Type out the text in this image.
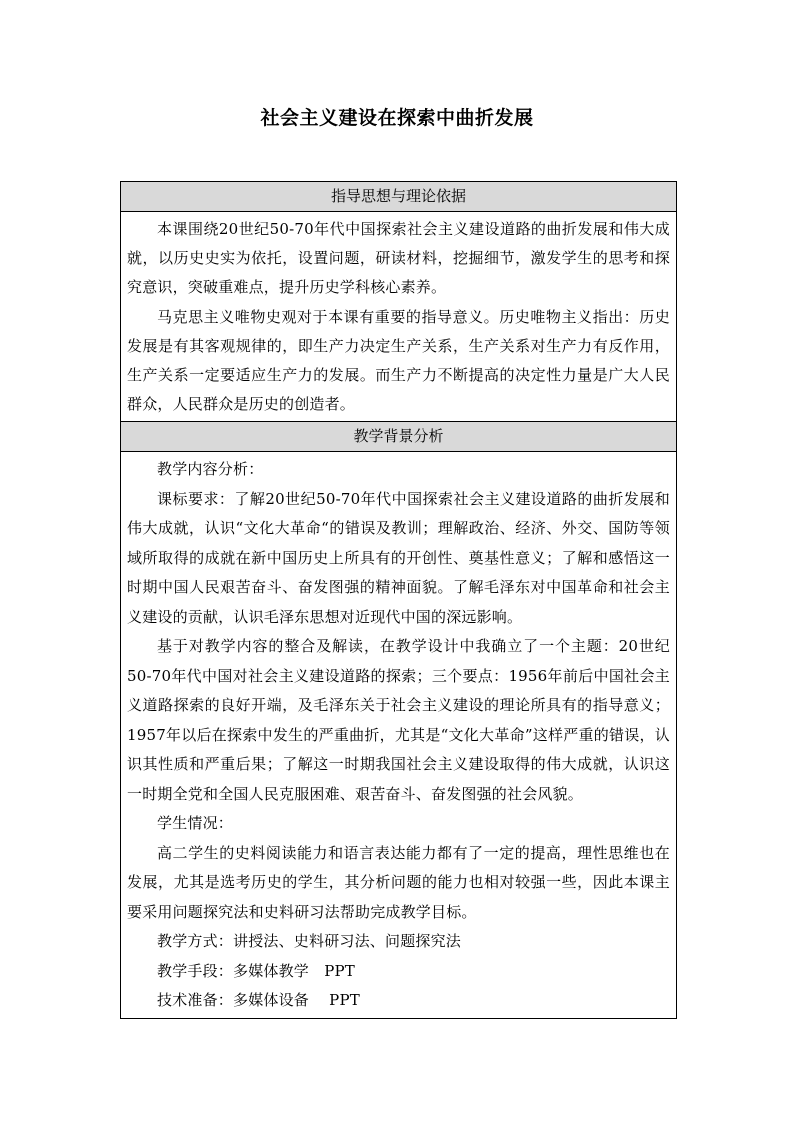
社会主义建设在探索中曲折发展
指导思想与理论依据

本课围绕20世纪50-70年代中国探索社会主义建设道路的曲折发展和伟大成就，以历史史实为依托，设置问题，研读材料，挖掘细节，激发学生的思考和探究意识，突破重难点，提升历史学科核心素养。

马克思主义唯物史观对于本课有重要的指导意义。历史唯物主义指出：历史发展是有其客观规律的，即生产力决定生产关系，生产关系对生产力有反作用，生产关系一定要适应生产力的发展。而生产力不断提高的决定性力量是广大人民群众，人民群众是历史的创造者。

教学背景分析

教学内容分析：

课标要求：了解20世纪50-70年代中国探索社会主义建设道路的曲折发展和伟大成就，认识“文化大革命“的错误及教训；理解政治、经济、外交、国防等领域所取得的成就在新中国历史上所具有的开创性、奠基性意义；了解和感悟这一时期中国人民艰苦奋斗、奋发图强的精神面貌。了解毛泽东对中国革命和社会主义建设的贡献，认识毛泽东思想对近现代中国的深远影响。

基于对教学内容的整合及解读，在教学设计中我确立了一个主题：20世纪50-70年代中国对社会主义建设道路的探索；三个要点：1956年前后中国社会主义道路探索的良好开端，及毛泽东关于社会主义建设的理论所具有的指导意义；1957年以后在探索中发生的严重曲折，尤其是“文化大革命”这样严重的错误，认识其性质和严重后果；了解这一时期我国社会主义建设取得的伟大成就，认识这一时期全党和全国人民克服困难、艰苦奋斗、奋发图强的社会风貌。

学生情况：

高二学生的史料阅读能力和语言表达能力都有了一定的提高，理性思维也在发展，尤其是选考历史的学生，其分析问题的能力也相对较强一些，因此本课主要采用问题探究法和史料研习法帮助完成教学目标。

教学方式：讲授法、史料研习法、问题探究法

教学手段：多媒体教学　PPT

技术准备：多媒体设备　 PPT
